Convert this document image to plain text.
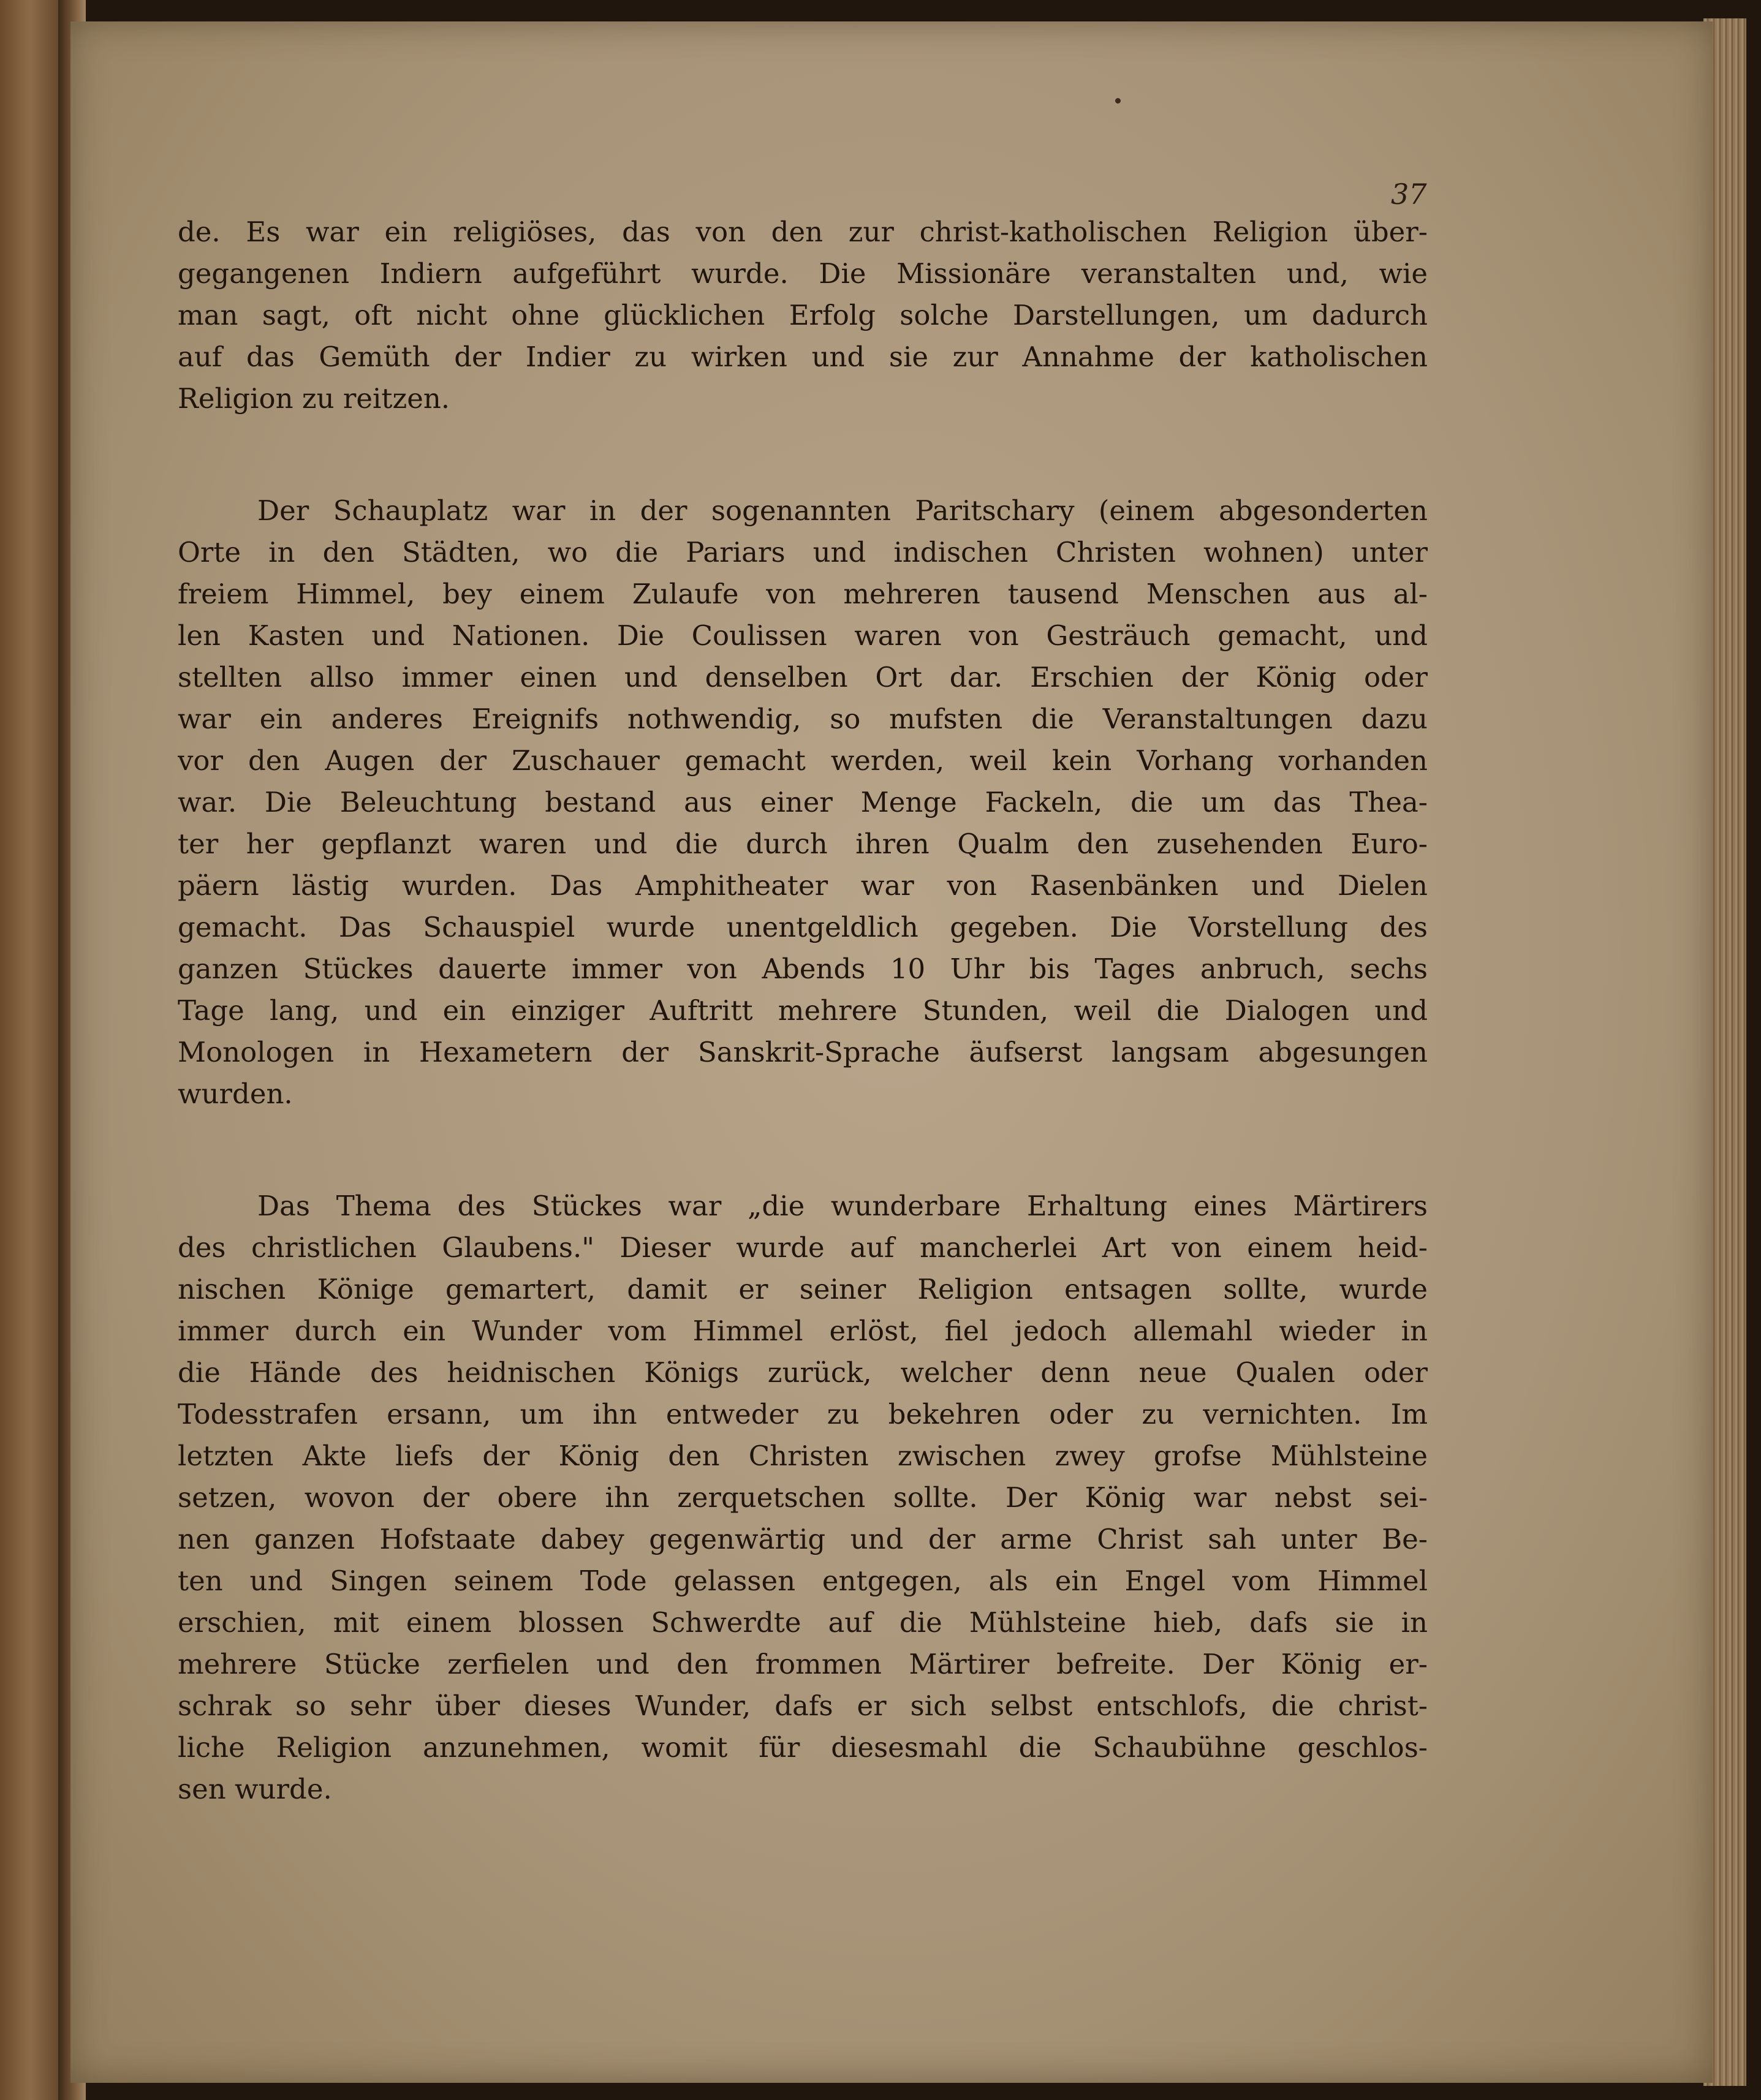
37
de. Es war ein religiöses, das von den zur christ-katholischen Religion über-
gegangenen Indiern aufgeführt wurde. Die Missionäre veranstalten und, wie
man sagt, oft nicht ohne glücklichen Erfolg solche Darstellungen, um dadurch
auf das Gemüth der Indier zu wirken und sie zur Annahme der katholischen
Religion zu reitzen.
Der Schauplatz war in der sogenannten Paritschary (einem abgesonderten
Orte in den Städten, wo die Pariars und indischen Christen wohnen) unter
freiem Himmel, bey einem Zulaufe von mehreren tausend Menschen aus al-
len Kasten und Nationen. Die Coulissen waren von Gesträuch gemacht, und
stellten allso immer einen und denselben Ort dar. Erschien der König oder
war ein anderes Ereignifs nothwendig, so mufsten die Veranstaltungen dazu
vor den Augen der Zuschauer gemacht werden, weil kein Vorhang vorhanden
war. Die Beleuchtung bestand aus einer Menge Fackeln, die um das Thea-
ter her gepflanzt waren und die durch ihren Qualm den zusehenden Euro-
päern lästig wurden. Das Amphitheater war von Rasenbänken und Dielen
gemacht. Das Schauspiel wurde unentgeldlich gegeben. Die Vorstellung des
ganzen Stückes dauerte immer von Abends 10 Uhr bis Tages anbruch, sechs
Tage lang, und ein einziger Auftritt mehrere Stunden, weil die Dialogen und
Monologen in Hexametern der Sanskrit-Sprache äufserst langsam abgesungen
wurden.
Das Thema des Stückes war „die wunderbare Erhaltung eines Märtirers
des christlichen Glaubens." Dieser wurde auf mancherlei Art von einem heid-
nischen Könige gemartert, damit er seiner Religion entsagen sollte, wurde
immer durch ein Wunder vom Himmel erlöst, fiel jedoch allemahl wieder in
die Hände des heidnischen Königs zurück, welcher denn neue Qualen oder
Todesstrafen ersann, um ihn entweder zu bekehren oder zu vernichten. Im
letzten Akte liefs der König den Christen zwischen zwey grofse Mühlsteine
setzen, wovon der obere ihn zerquetschen sollte. Der König war nebst sei-
nen ganzen Hofstaate dabey gegenwärtig und der arme Christ sah unter Be-
ten und Singen seinem Tode gelassen entgegen, als ein Engel vom Himmel
erschien, mit einem blossen Schwerdte auf die Mühlsteine hieb, dafs sie in
mehrere Stücke zerfielen und den frommen Märtirer befreite. Der König er-
schrak so sehr über dieses Wunder, dafs er sich selbst entschlofs, die christ-
liche Religion anzunehmen, womit für diesesmahl die Schaubühne geschlos-
sen wurde.
